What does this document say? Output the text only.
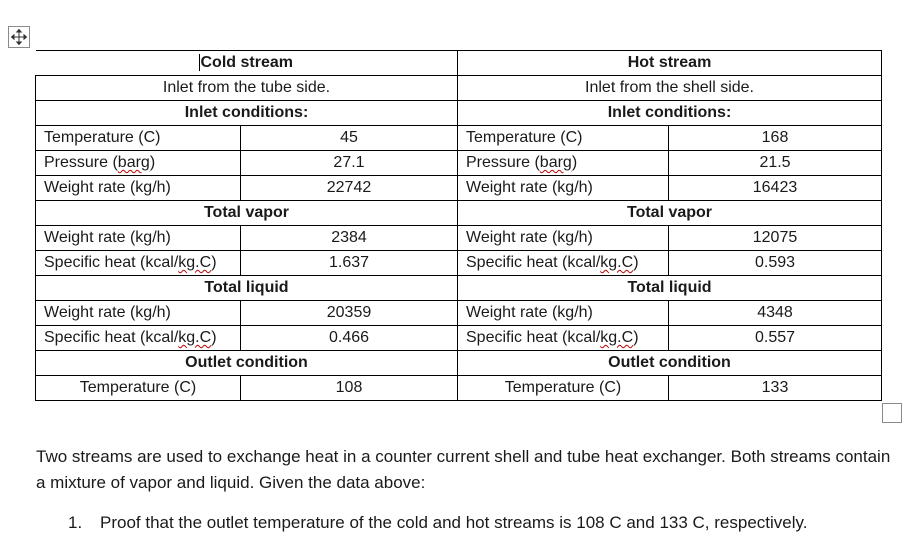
Cold stream		Hot stream	
Inlet from the tube side.		Inlet from the shell side.	
Inlet conditions:		Inlet conditions:	
Temperature (C)	45	Temperature (C)	168
Pressure (barg)	27.1	Pressure (barg)	21.5
Weight rate (kg/h)	22742	Weight rate (kg/h)	16423
Total vapor		Total vapor	
Weight rate (kg/h)	2384	Weight rate (kg/h)	12075
Specific heat (kcal/kg.C)	1.637	Specific heat (kcal/kg.C)	0.593
Total liquid		Total liquid	
Weight rate (kg/h)	20359	Weight rate (kg/h)	4348
Specific heat (kcal/kg.C)	0.466	Specific heat (kcal/kg.C)	0.557
Outlet condition		Outlet condition	
Temperature (C)	108	Temperature (C)	133

Two streams are used to exchange heat in a counter current shell and tube heat exchanger. Both streams contain a mixture of vapor and liquid. Given the data above:

1.	Proof that the outlet temperature of the cold and hot streams is 108 C and 133 C, respectively.
